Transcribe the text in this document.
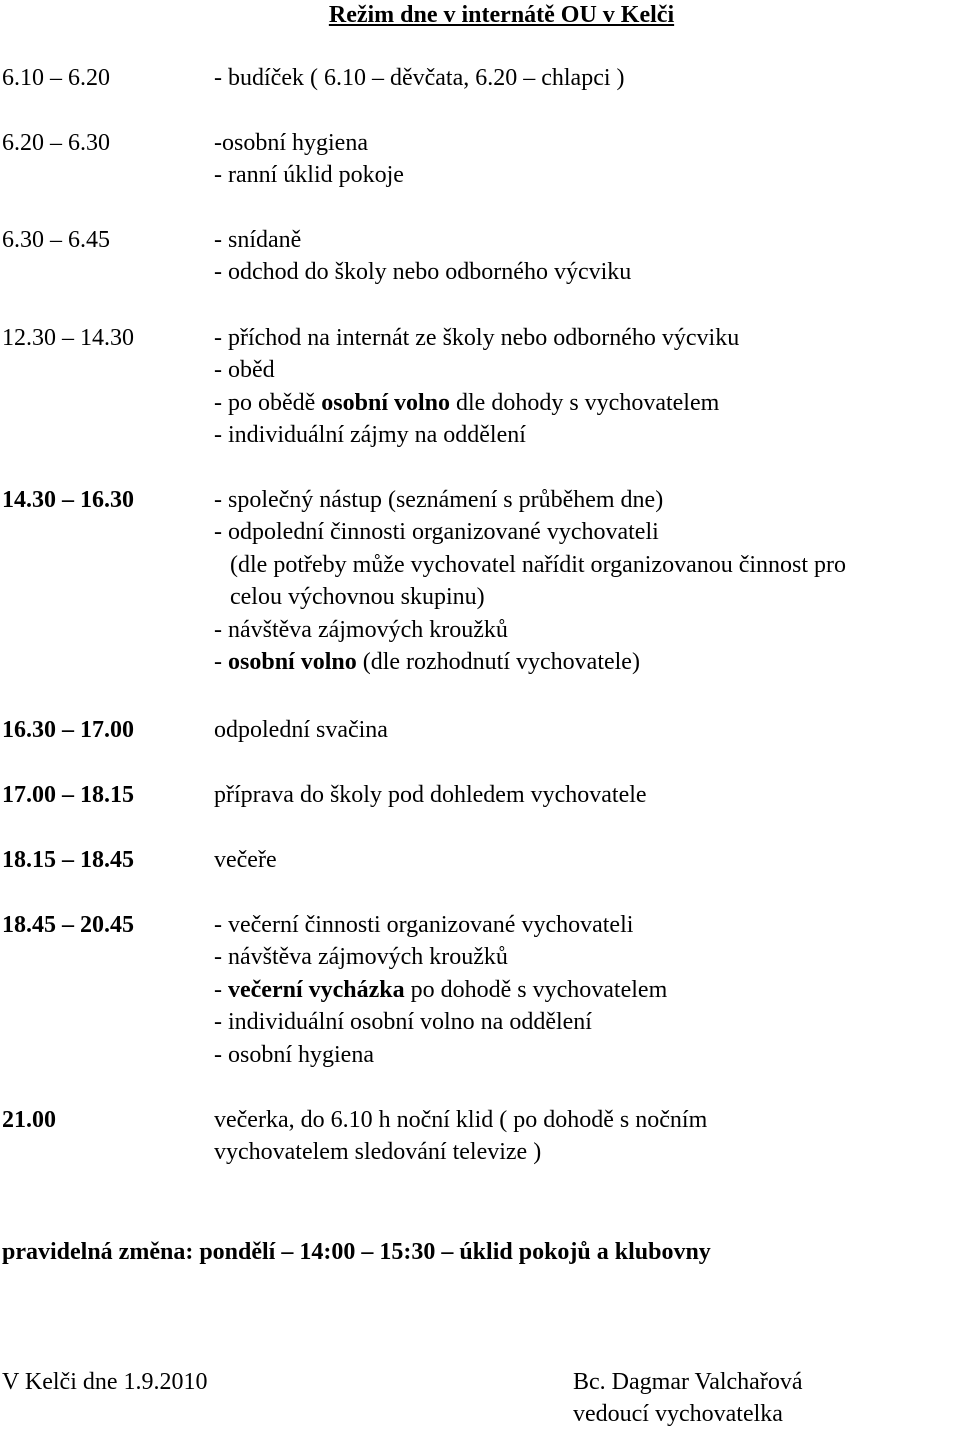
Režim dne v internátě OU v Kelči
6.10 – 6.20	- budíček ( 6.10 – děvčata, 6.20 – chlapci )
6.20 – 6.30	-osobní hygiena
- ranní úklid pokoje
6.30 – 6.45	- snídaně
- odchod do školy nebo odborného výcviku
12.30 – 14.30	- příchod na internát ze školy nebo odborného výcviku
- oběd
- po obědě osobní volno dle dohody s vychovatelem
- individuální zájmy na oddělení
14.30 – 16.30	- společný nástup (seznámení s průběhem dne)
- odpolední činnosti organizované vychovateli
(dle potřeby může vychovatel nařídit organizovanou činnost pro
celou výchovnou skupinu)
- návštěva zájmových kroužků
- osobní volno (dle rozhodnutí vychovatele)
16.30 – 17.00	odpolední svačina
17.00 – 18.15	příprava do školy pod dohledem vychovatele
18.15 – 18.45	večeře
18.45 – 20.45	- večerní činnosti organizované vychovateli
- návštěva zájmových kroužků
- večerní vycházka po dohodě s vychovatelem
- individuální osobní volno na oddělení
- osobní hygiena
21.00	večerka, do 6.10 h noční klid ( po dohodě s nočním
vychovatelem sledování televize )
pravidelná změna: pondělí – 14:00 – 15:30 – úklid pokojů a klubovny
V Kelči dne 1.9.2010	Bc. Dagmar Valchařová
vedoucí vychovatelka
